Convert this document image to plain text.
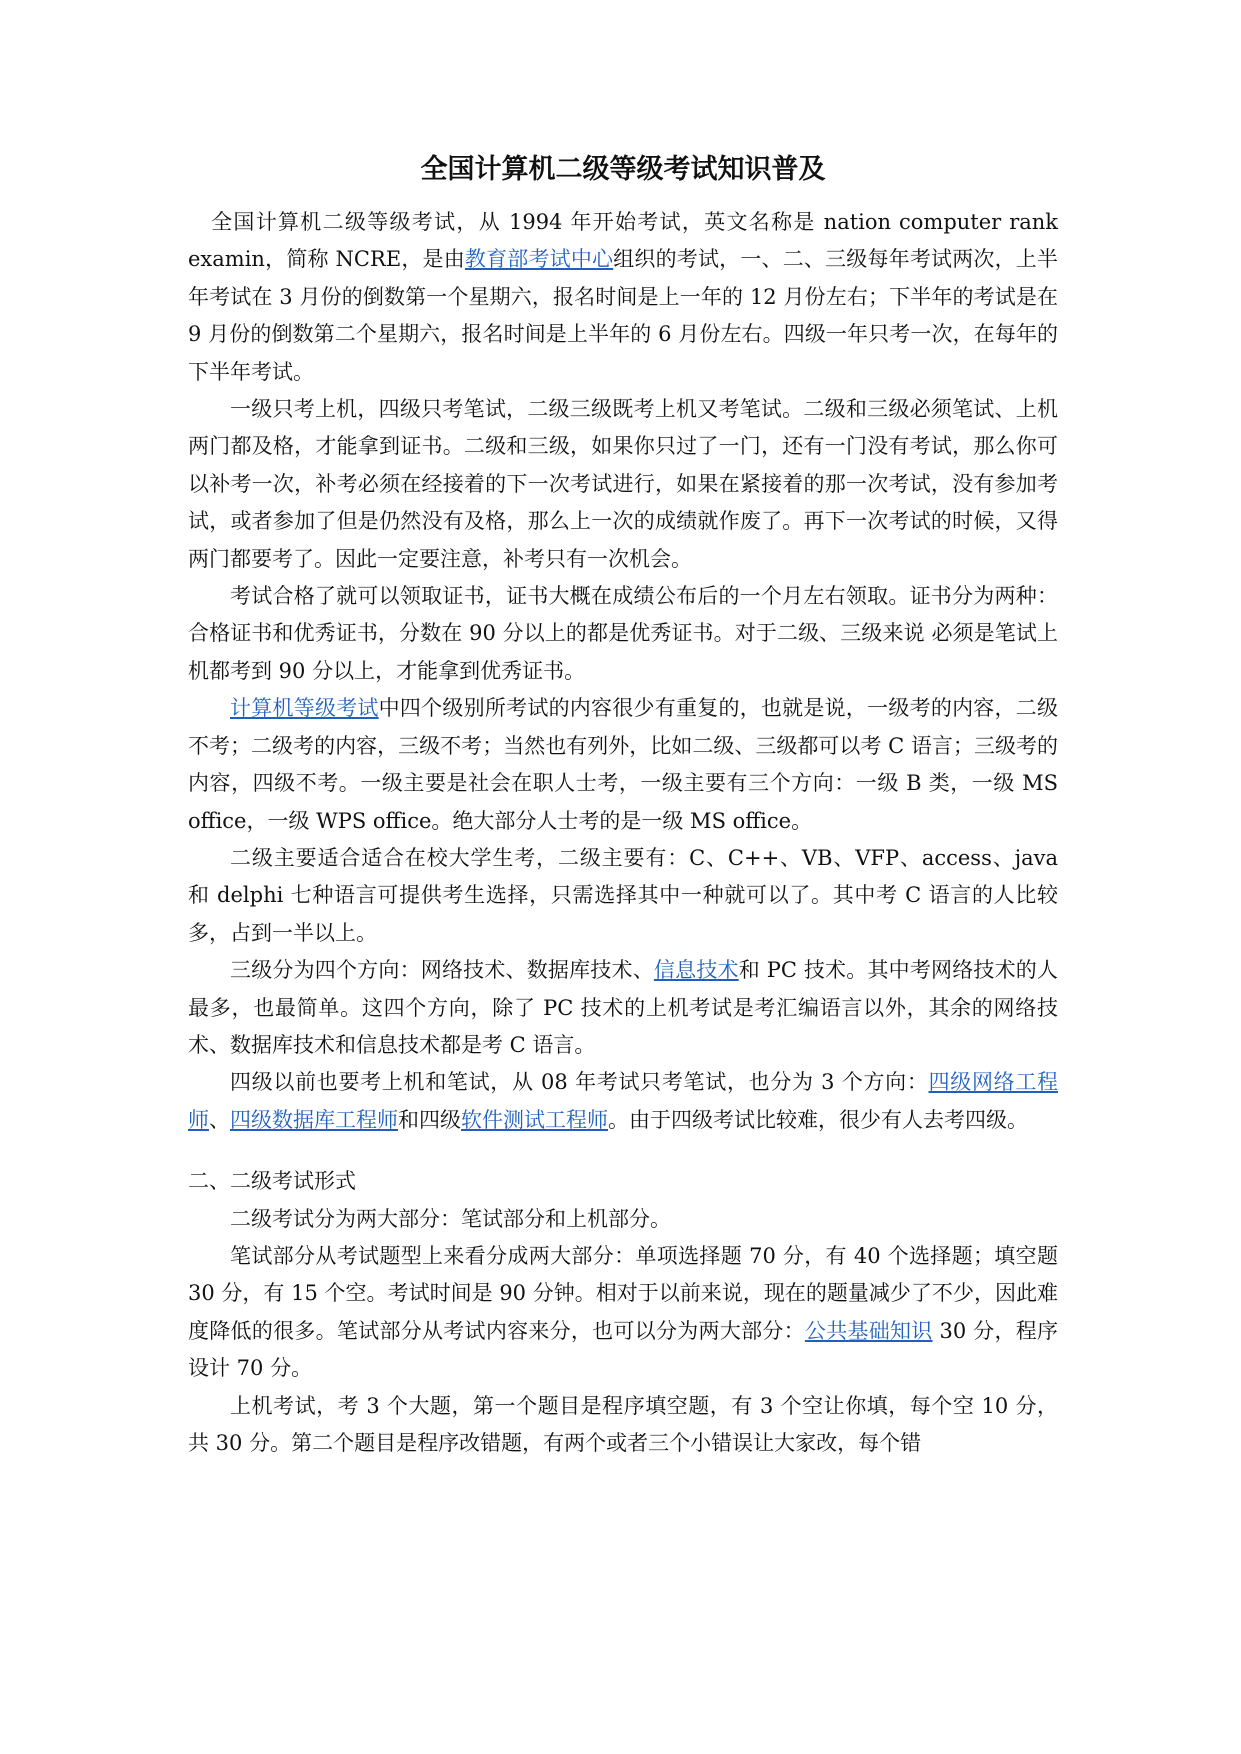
全国计算机二级等级考试知识普及

全国计算机二级等级考试，从 1994 年开始考试，英文名称是 nation computer rank examin，简称 NCRE，是由教育部考试中心组织的考试，一、二、三级每年考试两次，上半年考试在 3 月份的倒数第一个星期六，报名时间是上一年的 12 月份左右；下半年的考试是在 9 月份的倒数第二个星期六，报名时间是上半年的 6 月份左右。四级一年只考一次，在每年的下半年考试。

一级只考上机，四级只考笔试，二级三级既考上机又考笔试。二级和三级必须笔试、上机两门都及格，才能拿到证书。二级和三级，如果你只过了一门，还有一门没有考试，那么你可以补考一次，补考必须在经接着的下一次考试进行，如果在紧接着的那一次考试，没有参加考试，或者参加了但是仍然没有及格，那么上一次的成绩就作废了。再下一次考试的时候，又得两门都要考了。因此一定要注意，补考只有一次机会。

考试合格了就可以领取证书，证书大概在成绩公布后的一个月左右领取。证书分为两种：合格证书和优秀证书，分数在 90 分以上的都是优秀证书。对于二级、三级来说 必须是笔试上机都考到 90 分以上，才能拿到优秀证书。

计算机等级考试中四个级别所考试的内容很少有重复的，也就是说，一级考的内容，二级不考；二级考的内容，三级不考；当然也有列外，比如二级、三级都可以考 C 语言；三级考的内容，四级不考。一级主要是社会在职人士考，一级主要有三个方向：一级 B 类，一级 MS office，一级 WPS office。绝大部分人士考的是一级 MS office。

二级主要适合适合在校大学生考，二级主要有：C、C++、VB、VFP、access、java 和 delphi 七种语言可提供考生选择，只需选择其中一种就可以了。其中考 C 语言的人比较多，占到一半以上。

三级分为四个方向：网络技术、数据库技术、信息技术和 PC 技术。其中考网络技术的人最多，也最简单。这四个方向，除了 PC 技术的上机考试是考汇编语言以外，其余的网络技术、数据库技术和信息技术都是考 C 语言。

四级以前也要考上机和笔试，从 08 年考试只考笔试，也分为 3 个方向：四级网络工程师、四级数据库工程师和四级软件测试工程师。由于四级考试比较难，很少有人去考四级。

二、二级考试形式

二级考试分为两大部分：笔试部分和上机部分。

笔试部分从考试题型上来看分成两大部分：单项选择题 70 分，有 40 个选择题；填空题 30 分，有 15 个空。考试时间是 90 分钟。相对于以前来说，现在的题量减少了不少，因此难度降低的很多。笔试部分从考试内容来分，也可以分为两大部分：公共基础知识 30 分，程序设计 70 分。

上机考试，考 3 个大题，第一个题目是程序填空题，有 3 个空让你填，每个空 10 分，共 30 分。第二个题目是程序改错题，有两个或者三个小错误让大家改，每个错
